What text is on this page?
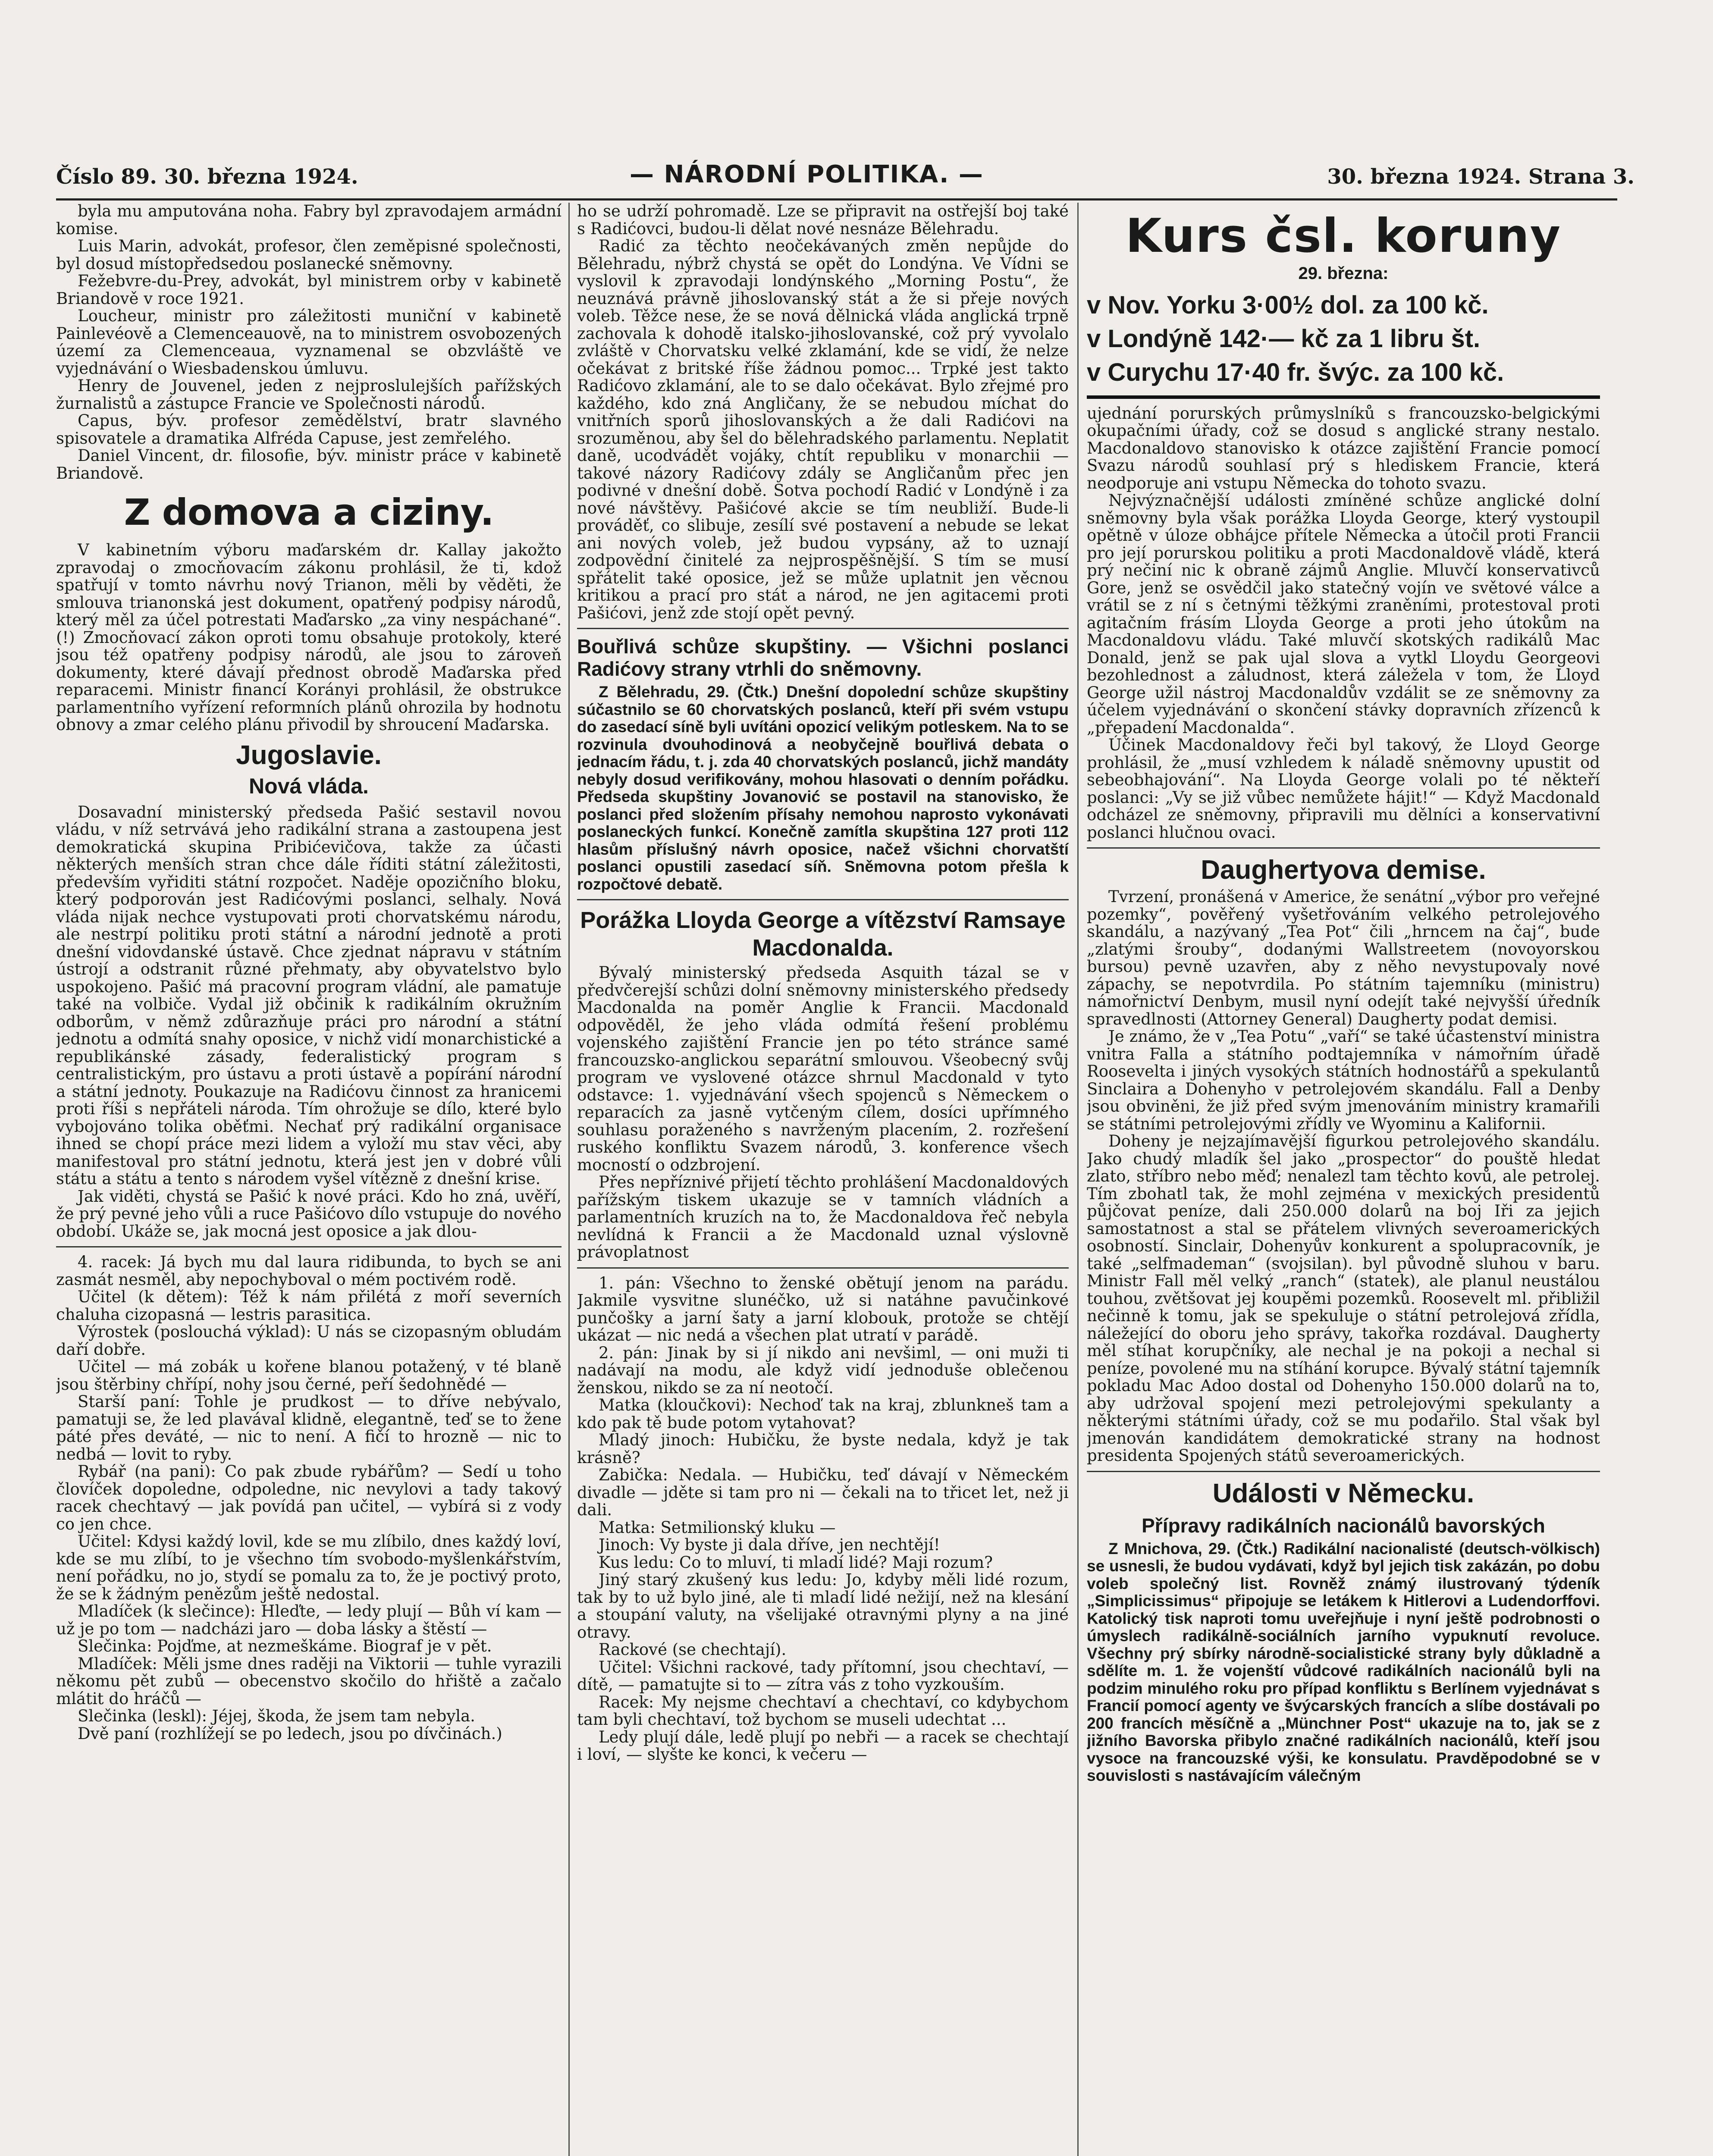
Číslo 89. 30. března 1924.	— NÁRODNÍ POLITIKA. —	30. března 1924. Strana 3.

byla mu amputována noha. Fabry byl zpravodajem armádní komise.

Luis Marin, advokát, profesor, člen zeměpisné společnosti, byl dosud místopředsedou poslanecké sněmovny.

Fežebvre-du-Prey, advokát, byl ministrem orby v kabinetě Briandově v roce 1921.

Loucheur, ministr pro záležitosti muniční v kabinetě Painlevéově a Clemenceauově, na to ministrem osvobozených území za Clemenceaua, vyznamenal se obzvláště ve vyjednávání o Wiesbadenskou úmluvu.

Henry de Jouvenel, jeden z nejproslulejších pařížských žurnalistů a zástupce Francie ve Společnosti národů.

Capus, býv. profesor zemědělství, bratr slavného spisovatele a dramatika Alfréda Capuse, jest zemřelého.

Daniel Vincent, dr. filosofie, býv. ministr práce v kabinetě Briandově.

Z domova a ciziny.

V kabinetním výboru maďarském dr. Kallay jakožto zpravodaj o zmocňovacím zákonu prohlásil, že ti, kdož spatřují v tomto návrhu nový Trianon, měli by věděti, že smlouva trianonská jest dokument, opatřený podpisy národů, který měl za účel potrestati Maďarsko „za viny nespáchané“. (!) Zmocňovací zákon oproti tomu obsahuje protokoly, které jsou též opatřeny podpisy národů, ale jsou to zároveň dokumenty, které dávají přednost obrodě Maďarska před reparacemi. Ministr financí Korányi prohlásil, že obstrukce parlamentního vyřízení reformních plánů ohrozila by hodnotu obnovy a zmar celého plánu přivodil by shroucení Maďarska.

Jugoslavie.
Nová vláda.

Dosavadní ministerský předseda Pašić sestavil novou vládu, v níž setrvává jeho radikální strana a zastoupena jest demokratická skupina Pribićevičova, takže za účasti některých menších stran chce dále říditi státní záležitosti, především vyřiditi státní rozpočet. Naděje opozičního bloku, který podporován jest Radićovými poslanci, selhaly. Nová vláda nijak nechce vystupovati proti chorvatskému národu, ale nestrpí politiku proti státní a národní jednotě a proti dnešní vidovdanské ústavě. Chce zjednat nápravu v státním ústrojí a odstranit různé přehmaty, aby obyvatelstvo bylo uspokojeno. Pašić má pracovní program vládní, ale pamatuje také na volbiče. Vydal již občinik k radikálním okružním odborům, v němž zdůrazňuje práci pro národní a státní jednotu a odmítá snahy oposice, v nichž vidí monarchistické a republikánské zásady, federalistický program s centralistickým, pro ústavu a proti ústavě a popírání národní a státní jednoty. Poukazuje na Radićovu činnost za hranicemi proti říši s nepřáteli národa. Tím ohrožuje se dílo, které bylo vybojováno tolika oběťmi. Nechať prý radikální organisace ihned se chopí práce mezi lidem a vyloží mu stav věci, aby manifestoval pro státní jednotu, která jest jen v dobré vůli státu a státu a tento s národem vyšel vítězně z dnešní krise.

Jak viděti, chystá se Pašić k nové práci. Kdo ho zná, uvěří, že prý pevné jeho vůli a ruce Pašićovo dílo vstupuje do nového období. Ukáže se, jak mocná jest oposice a jak dlou-

4. racek: Já bych mu dal laura ridibunda, to bych se ani zasmát nesměl, aby nepochyboval o mém poctivém rodě.

Učitel (k dětem): Též k nám přilétá z moří severních chaluha cizopasná — lestris parasitica.

Výrostek (poslouchá výklad): U nás se cizopasným obludám daří dobře.

Učitel — má zobák u kořene blanou potažený, v té blaně jsou štěrbiny chřípí, nohy jsou černé, peří šedohnědé —

Starší paní: Tohle je prudkost — to dříve nebývalo, pamatuji se, že led plavával klidně, elegantně, teď se to žene páté přes deváté, — nic to není. A fičí to hrozně — nic to nedbá — lovit to ryby.

Rybář (na pani): Co pak zbude rybářům? — Sedí u toho človíček dopoledne, odpoledne, nic nevylovi a tady takový racek chechtavý — jak povídá pan učitel, — vybírá si z vody co jen chce.

Učitel: Kdysi každý lovil, kde se mu zlíbilo, dnes každý loví, kde se mu zlíbí, to je všechno tím svobodo-myšlenkářstvím, není pořádku, no jo, stydí se pomalu za to, že je poctivý proto, že se k žádným penězům ještě nedostal.

Mladíček (k slečince): Hleďte, — ledy plují — Bůh ví kam — už je po tom — nadcházi jaro — doba lásky a štěstí —

Slečinka: Pojďme, at nezmeškáme. Biograf je v pět.

Mladíček: Měli jsme dnes raději na Viktorii — tuhle vyrazili někomu pět zubů — obecenstvo skočilo do hřiště a začalo mlátit do hráčů —

Slečinka (leskl): Jéjej, škoda, že jsem tam nebyla.

Dvě paní (rozhlížejí se po ledech, jsou po dívčinách.)

ho se udrží pohromadě. Lze se připravit na ostřejší boj také s Radićovci, budou-li dělat nové nesnáze Bělehradu.

Radić za těchto neočekávaných změn nepůjde do Bělehradu, nýbrž chystá se opět do Londýna. Ve Vídni se vyslovil k zpravodaji londýnského „Morning Postu“, že neuznává právně jihoslovanský stát a že si přeje nových voleb. Těžce nese, že se nová dělnická vláda anglická trpně zachovala k dohodě italsko-jihoslovanské, což prý vyvolalo zvláště v Chorvatsku velké zklamání, kde se vidí, že nelze očekávat z britské říše žádnou pomoc... Trpké jest takto Radićovo zklamání, ale to se dalo očekávat. Bylo zřejmé pro každého, kdo zná Angličany, že se nebudou míchat do vnitřních sporů jihoslovanských a že dali Radićovi na srozuměnou, aby šel do bělehradského parlamentu. Neplatit daně, ucodvádět vojáky, chtít republiku v monarchii — takové názory Radićovy zdály se Angličanům přec jen podivné v dnešní době. Sotva pochodí Radić v Londýně i za nové návštěvy. Pašićové akcie se tím neubliží. Bude-li prováděť, co slibuje, zesílí své postavení a nebude se lekat ani nových voleb, jež budou vypsány, až to uznají zodpovědní činitelé za nejprospěšnější. S tím se musí spřátelit také oposice, jež se může uplatnit jen věcnou kritikou a prací pro stát a národ, ne jen agitacemi proti Pašićovi, jenž zde stojí opět pevný.

Bouřlivá schůze skupštiny. — Všichni poslanci Radićovy strany vtrhli do sněmovny.

Z Bělehradu, 29. (Čtk.) Dnešní dopolední schůze skupštiny súčastnilo se 60 chorvatských poslanců, kteří při svém vstupu do zasedací síně byli uvítáni opozicí velikým potleskem. Na to se rozvinula dvouhodinová a neobyčejně bouřlivá debata o jednacím řádu, t. j. zda 40 chorvatských poslanců, jichž mandáty nebyly dosud verifikovány, mohou hlasovati o denním pořádku. Předseda skupštiny Jovanović se postavil na stanovisko, že poslanci před složením přísahy nemohou naprosto vykonávati poslaneckých funkcí. Konečně zamítla skupština 127 proti 112 hlasům příslušný návrh oposice, načež všichni chorvatští poslanci opustili zasedací síň. Sněmovna potom přešla k rozpočtové debatě.

Porážka Lloyda George a vítězství Ramsaye Macdonalda.

Bývalý ministerský předseda Asquith tázal se v předvčerejší schůzi dolní sněmovny ministerského předsedy Macdonalda na poměr Anglie k Francii. Macdonald odpověděl, že jeho vláda odmítá řešení problému vojenského zajištění Francie jen po této stránce samé francouzsko-anglickou separátní smlouvou. Všeobecný svůj program ve vyslovené otázce shrnul Macdonald v tyto odstavce: 1. vyjednávání všech spojenců s Německem o reparacích za jasně vytčeným cílem, dosíci upřímného souhlasu poraženého s navrženým placením, 2. rozřešení ruského konfliktu Svazem národů, 3. konference všech mocností o odzbrojení.

Přes nepříznivé přijetí těchto prohlášení Macdonaldových pařížským tiskem ukazuje se v tamních vládních a parlamentních kruzích na to, že Macdonaldova řeč nebyla nevlídná k Francii a že Macdonald uznal výslovně právoplatnost

1. pán: Všechno to ženské obětují jenom na parádu. Jakmile vysvitne slunéčko, už si natáhne pavučinkové punčošky a jarní šaty a jarní klobouk, protože se chtějí ukázat — nic nedá a všechen plat utratí v parádě.

2. pán: Jinak by si jí nikdo ani nevšiml, — oni muži ti nadávají na modu, ale když vidí jednoduše oblečenou ženskou, nikdo se za ní neotočí.

Matka (kloučkovi): Nechoď tak na kraj, zblunkneš tam a kdo pak tě bude potom vytahovat?

Mladý jinoch: Hubičku, že byste nedala, když je tak krásně?

Zabička: Nedala. — Hubičku, teď dávají v Německém divadle — jděte si tam pro ni — čekali na to třicet let, než ji dali.

Matka: Setmilionský kluku —

Jinoch: Vy byste ji dala dříve, jen nechtějí!

Kus ledu: Co to mluví, ti mladí lidé? Maji rozum?

Jiný starý zkušený kus ledu: Jo, kdyby měli lidé rozum, tak by to už bylo jiné, ale ti mladí lidé nežijí, než na klesání a stoupání valuty, na všelijaké otravnými plyny a na jiné otravy.

Rackové (se chechtají).

Učitel: Všichni rackové, tady přítomní, jsou chechtaví, — dítě, — pamatujte si to — zítra vás z toho vyzkouším.

Racek: My nejsme chechtaví a chechtaví, co kdybychom tam byli chechtaví, tož bychom se museli udechtat ...

Ledy plují dále, ledě plují po nebři — a racek se chechtají i loví, — slyšte ke konci, k večeru —

Kurs čsl. koruny
29. března:
v Nov. Yorku 3·00½ dol. za 100 kč.
v Londýně 142·— kč za 1 libru št.
v Curychu 17·40 fr. švýc. za 100 kč.

ujednání porurských průmyslníků s francouzsko-belgickými okupačními úřady, což se dosud s anglické strany nestalo. Macdonaldovo stanovisko k otázce zajištění Francie pomocí Svazu národů souhlasí prý s hlediskem Francie, která neodporuje ani vstupu Německa do tohoto svazu.

Nejvýznačnější události zmíněné schůze anglické dolní sněmovny byla však porážka Lloyda George, který vystoupil opětně v úloze obhájce přítele Německa a útočil proti Francii pro její porurskou politiku a proti Macdonaldově vládě, která prý nečiní nic k obraně zájmů Anglie. Mluvčí konservativců Gore, jenž se osvědčil jako statečný vojín ve světové válce a vrátil se z ní s četnými těžkými zraněními, protestoval proti agitačním frásím Lloyda George a proti jeho útokům na Macdonaldovu vládu. Také mluvčí skotských radikálů Mac Donald, jenž se pak ujal slova a vytkl Lloydu Georgeovi bezohlednost a záludnost, která záležela v tom, že Lloyd George užil nástroj Macdonaldův vzdálit se ze sněmovny za účelem vyjednávání o skončení stávky dopravních zřízenců k „přepadení Macdonalda“.

Účinek Macdonaldovy řeči byl takový, že Lloyd George prohlásil, že „musí vzhledem k náladě sněmovny upustit od sebeobhajování“. Na Lloyda George volali po té někteří poslanci: „Vy se již vůbec nemůžete hájit!“ — Když Macdonald odcházel ze sněmovny, připravili mu dělníci a konservativní poslanci hlučnou ovaci.

Daughertyova demise.

Tvrzení, pronášená v Americe, že senátní „výbor pro veřejné pozemky“, pověřený vyšetřováním velkého petrolejového skandálu, a nazývaný „Tea Pot“ čili „hrncem na čaj“, bude „zlatými šrouby“, dodanými Wallstreetem (novoyorskou bursou) pevně uzavřen, aby z něho nevystupovaly nové zápachy, se nepotvrdila. Po státním tajemníku (ministru) námořnictví Denbym, musil nyní odejít také nejvyšší úředník spravedlnosti (Attorney General) Daugherty podat demisi.

Je známo, že v „Tea Potu“ „vaří“ se také účastenství ministra vnitra Falla a státního podtajemníka v námořním úřadě Roosevelta i jiných vysokých státních hodnostářů a spekulantů Sinclaira a Dohenyho v petrolejovém skandálu. Fall a Denby jsou obviněni, že již před svým jmenováním ministry kramařili se státními petrolejovými zřídly ve Wyominu a Kalifornii.

Doheny je nejzajímavější figurkou petrolejového skandálu. Jako chudý mladík šel jako „prospector“ do pouště hledat zlato, stříbro nebo měď; nenalezl tam těchto kovů, ale petrolej. Tím zbohatl tak, že mohl zejména v mexických presidentů půjčovat peníze, dali 250.000 dolarů na boj Iři za jejich samostatnost a stal se přátelem vlivných severoamerických osobností. Sinclair, Dohenyův konkurent a spolupracovník, je také „selfmademan“ (svojsilan). byl původně sluhou v baru. Ministr Fall měl velký „ranch“ (statek), ale planul neustálou touhou, zvětšovat jej koupěmi pozemků. Roosevelt ml. přibližil nečinně k tomu, jak se spekuluje o státní petrolejová zřídla, náležející do oboru jeho správy, takořka rozdával. Daugherty měl stíhat korupčníky, ale nechal je na pokoji a nechal si peníze, povolené mu na stíhání korupce. Bývalý státní tajemník pokladu Mac Adoo dostal od Dohenyho 150.000 dolarů na to, aby udržoval spojení mezi petrolejovými spekulanty a některými státními úřady, což se mu podařilo. Stal však byl jmenován kandidátem demokratické strany na hodnost presidenta Spojených států severoamerických.

Události v Německu.
Přípravy radikálních nacionálů bavorských

Z Mnichova, 29. (Čtk.) Radikální nacionalisté (deutsch-völkisch) se usnesli, že budou vydávati, když byl jejich tisk zakázán, po dobu voleb společný list. Rovněž známý ilustrovaný týdeník „Simplicissimus“ připojuje se letákem k Hitlerovi a Ludendorffovi. Katolický tisk naproti tomu uveřejňuje i nyní ještě podrobnosti o úmyslech radikálně-sociálních jarního vypuknutí revoluce. Všechny prý sbírky národně-socialistické strany byly důkladně a sdělíte m. 1. že vojenští vůdcové radikálních nacionálů byli na podzim minulého roku pro případ konfliktu s Berlínem vyjednávat s Francií pomocí agenty ve švýcarských francích a slíbe dostávali po 200 francích měsíčně a „Münchner Post“ ukazuje na to, jak se z jižního Bavorska přibylo značné radikálních nacionálů, kteří jsou vysoce na francouzské výši, ke konsulatu. Pravděpodobné se v souvislosti s nastávajícím válečným
